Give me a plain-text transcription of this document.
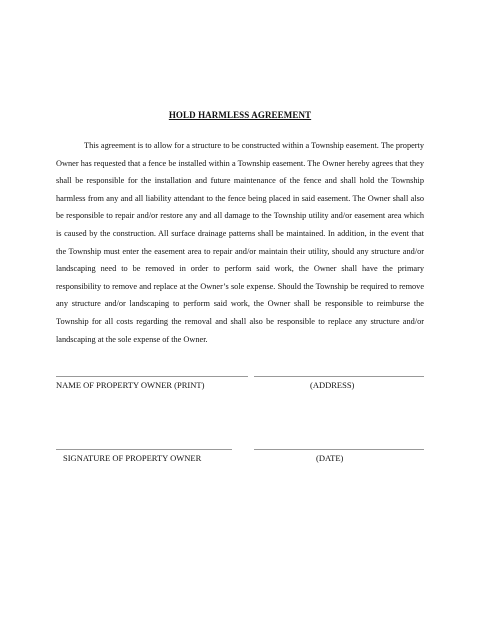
HOLD HARMLESS AGREEMENT

This agreement is to allow for a structure to be constructed within a Township easement. The property Owner has requested that a fence be installed within a Township easement. The Owner hereby agrees that they shall be responsible for the installation and future maintenance of the fence and shall hold the Township harmless from any and all liability attendant to the fence being placed in said easement. The Owner shall also be responsible to repair and/or restore any and all damage to the Township utility and/or easement area which is caused by the construction. All surface drainage patterns shall be maintained. In addition, in the event that the Township must enter the easement area to repair and/or maintain their utility, should any structure and/or landscaping need to be removed in order to perform said work, the Owner shall have the primary responsibility to remove and replace at the Owner’s sole expense. Should the Township be required to remove any structure and/or landscaping to perform said work, the Owner shall be responsible to reimburse the Township for all costs regarding the removal and shall also be responsible to replace any structure and/or landscaping at the sole expense of the Owner.

NAME OF PROPERTY OWNER (PRINT)	(ADDRESS)
SIGNATURE OF PROPERTY OWNER	(DATE)
